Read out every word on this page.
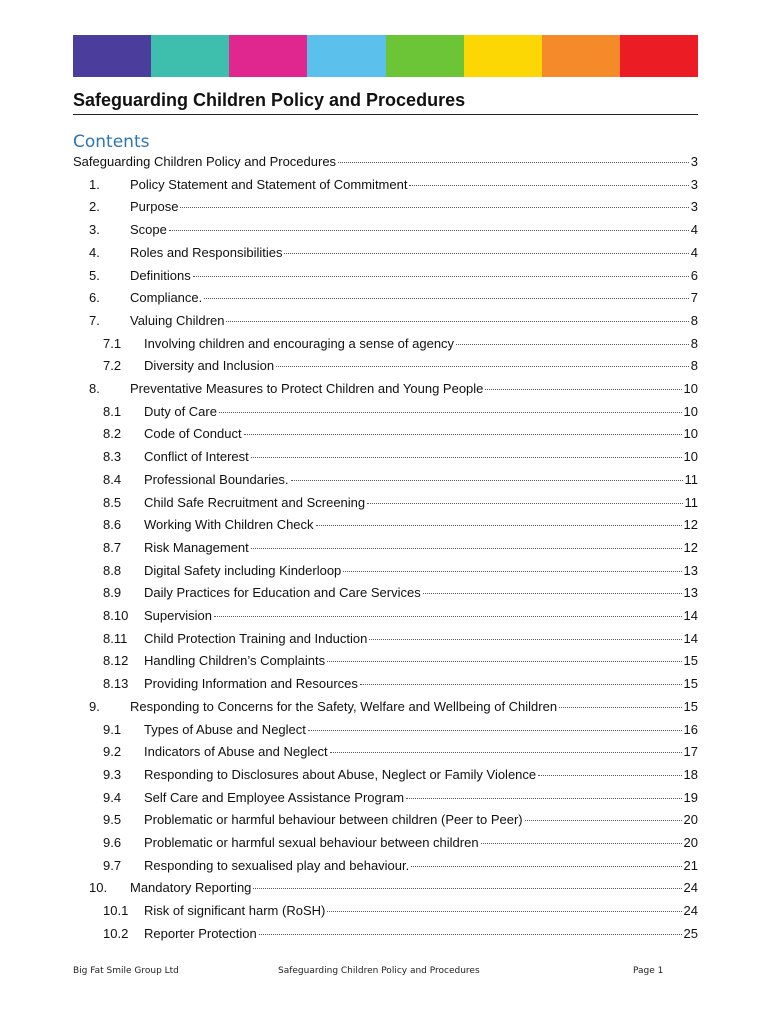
Safeguarding Children Policy and Procedures
Contents
Safeguarding Children Policy and Procedures	3
1.	Policy Statement and Statement of Commitment	3
2.	Purpose	3
3.	Scope	4
4.	Roles and Responsibilities	4
5.	Definitions	6
6.	Compliance.	7
7.	Valuing Children	8
7.1	Involving children and encouraging a sense of agency	8
7.2	Diversity and Inclusion	8
8.	Preventative Measures to Protect Children and Young People	10
8.1	Duty of Care	10
8.2	Code of Conduct	10
8.3	Conflict of Interest	10
8.4	Professional Boundaries.	11
8.5	Child Safe Recruitment and Screening	11
8.6	Working With Children Check	12
8.7	Risk Management	12
8.8	Digital Safety including Kinderloop	13
8.9	Daily Practices for Education and Care Services	13
8.10	Supervision	14
8.11	Child Protection Training and Induction	14
8.12	Handling Children’s Complaints	15
8.13	Providing Information and Resources	15
9.	Responding to Concerns for the Safety, Welfare and Wellbeing of Children	15
9.1	Types of Abuse and Neglect	16
9.2	Indicators of Abuse and Neglect	17
9.3	Responding to Disclosures about Abuse, Neglect or Family Violence	18
9.4	Self Care and Employee Assistance Program	19
9.5	Problematic or harmful behaviour between children (Peer to Peer)	20
9.6	Problematic or harmful sexual behaviour between children	20
9.7	Responding to sexualised play and behaviour.	21
10.	Mandatory Reporting	24
10.1	Risk of significant harm (RoSH)	24
10.2	Reporter Protection	25
Big Fat Smile Group Ltd	Safeguarding Children Policy and Procedures	Page 1
